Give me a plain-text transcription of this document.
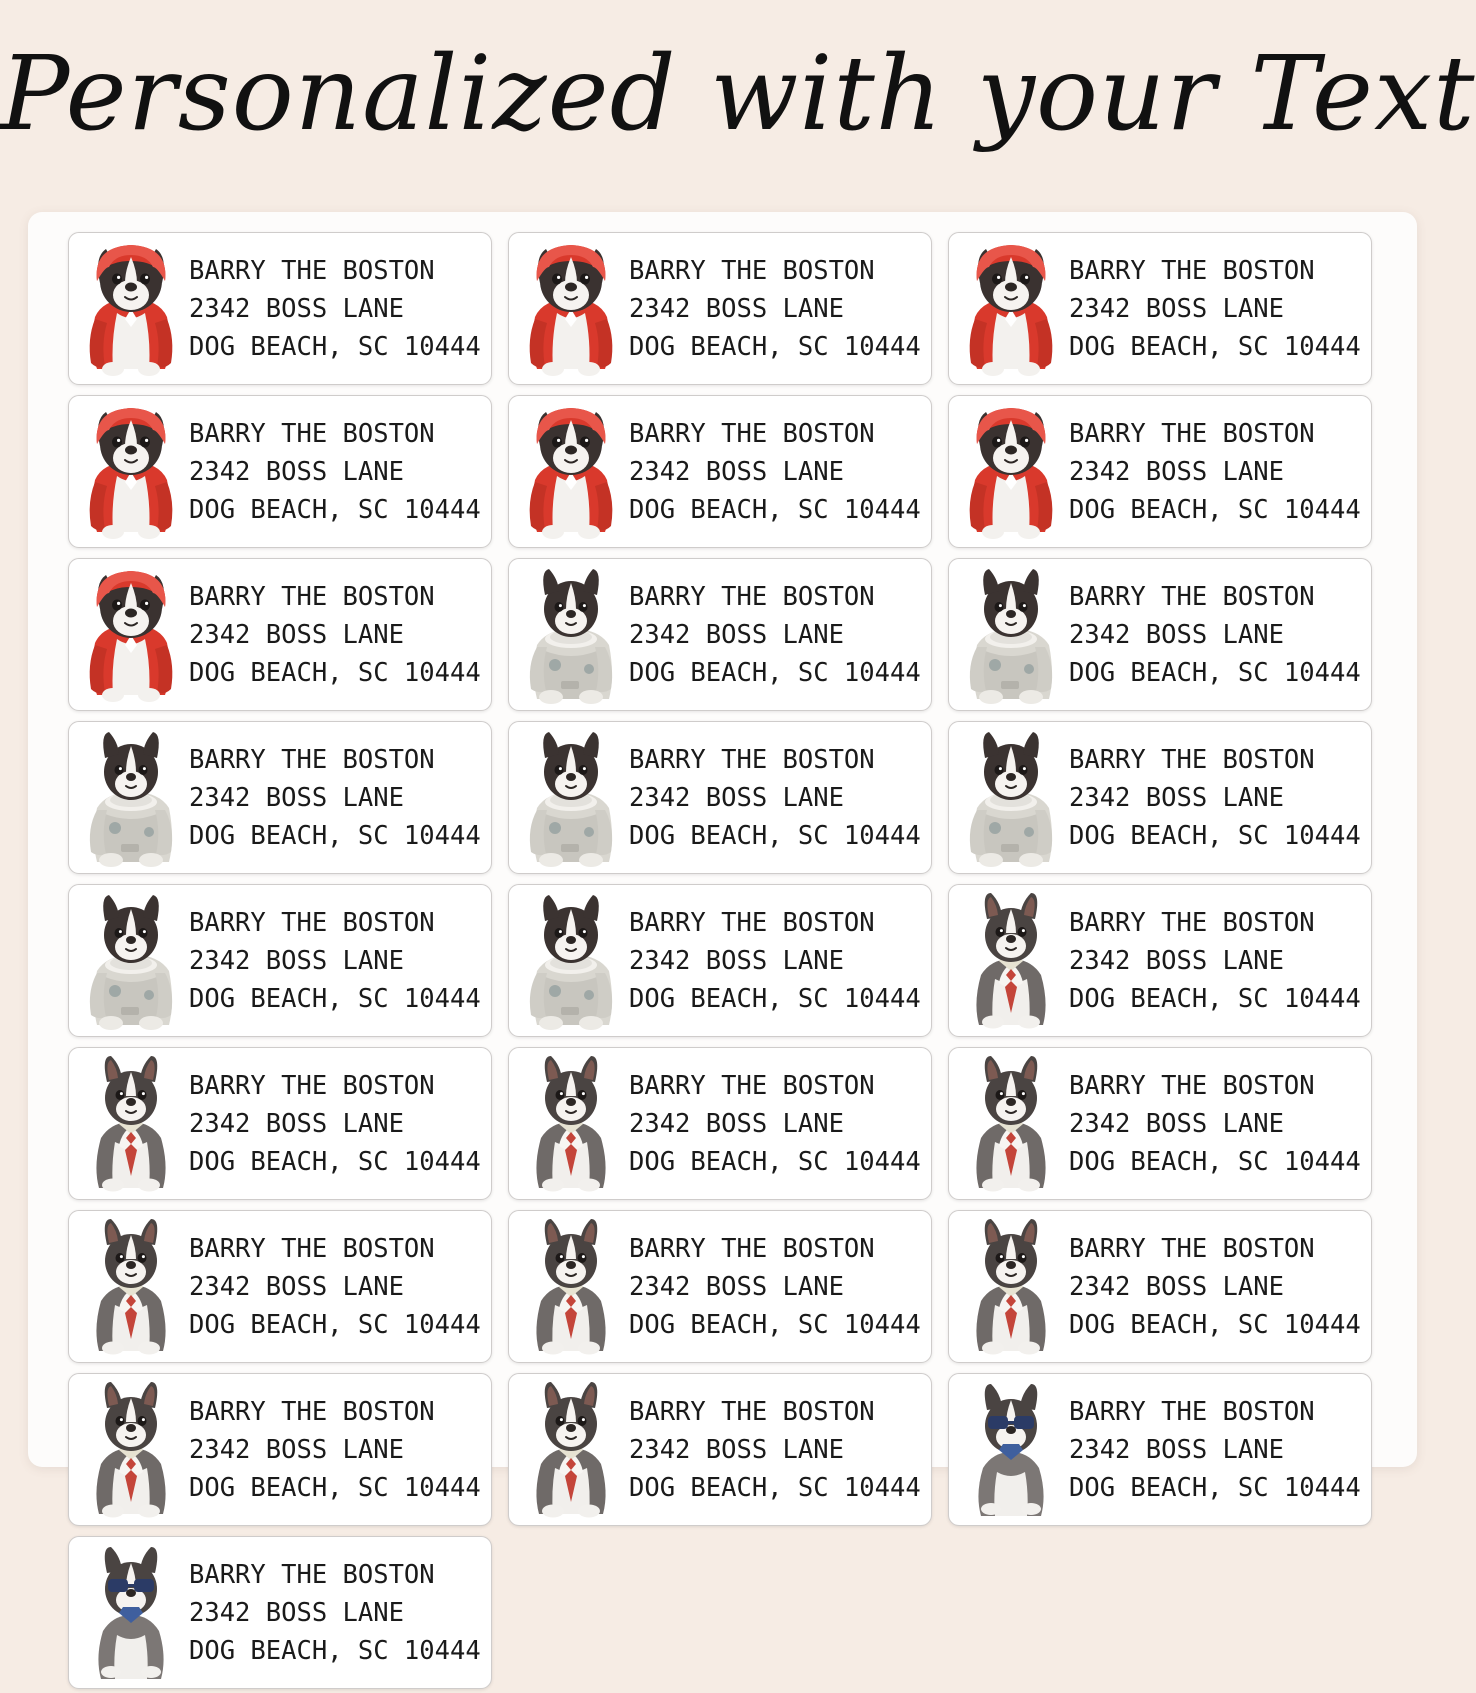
Personalized with your Text
BARRY THE BOSTON
2342 BOSS LANE
DOG BEACH, SC 10444
BARRY THE BOSTON
2342 BOSS LANE
DOG BEACH, SC 10444
BARRY THE BOSTON
2342 BOSS LANE
DOG BEACH, SC 10444
BARRY THE BOSTON
2342 BOSS LANE
DOG BEACH, SC 10444
BARRY THE BOSTON
2342 BOSS LANE
DOG BEACH, SC 10444
BARRY THE BOSTON
2342 BOSS LANE
DOG BEACH, SC 10444
BARRY THE BOSTON
2342 BOSS LANE
DOG BEACH, SC 10444
BARRY THE BOSTON
2342 BOSS LANE
DOG BEACH, SC 10444
BARRY THE BOSTON
2342 BOSS LANE
DOG BEACH, SC 10444
BARRY THE BOSTON
2342 BOSS LANE
DOG BEACH, SC 10444
BARRY THE BOSTON
2342 BOSS LANE
DOG BEACH, SC 10444
BARRY THE BOSTON
2342 BOSS LANE
DOG BEACH, SC 10444
BARRY THE BOSTON
2342 BOSS LANE
DOG BEACH, SC 10444
BARRY THE BOSTON
2342 BOSS LANE
DOG BEACH, SC 10444
BARRY THE BOSTON
2342 BOSS LANE
DOG BEACH, SC 10444
BARRY THE BOSTON
2342 BOSS LANE
DOG BEACH, SC 10444
BARRY THE BOSTON
2342 BOSS LANE
DOG BEACH, SC 10444
BARRY THE BOSTON
2342 BOSS LANE
DOG BEACH, SC 10444
BARRY THE BOSTON
2342 BOSS LANE
DOG BEACH, SC 10444
BARRY THE BOSTON
2342 BOSS LANE
DOG BEACH, SC 10444
BARRY THE BOSTON
2342 BOSS LANE
DOG BEACH, SC 10444
BARRY THE BOSTON
2342 BOSS LANE
DOG BEACH, SC 10444
BARRY THE BOSTON
2342 BOSS LANE
DOG BEACH, SC 10444
BARRY THE BOSTON
2342 BOSS LANE
DOG BEACH, SC 10444
BARRY THE BOSTON
2342 BOSS LANE
DOG BEACH, SC 10444
